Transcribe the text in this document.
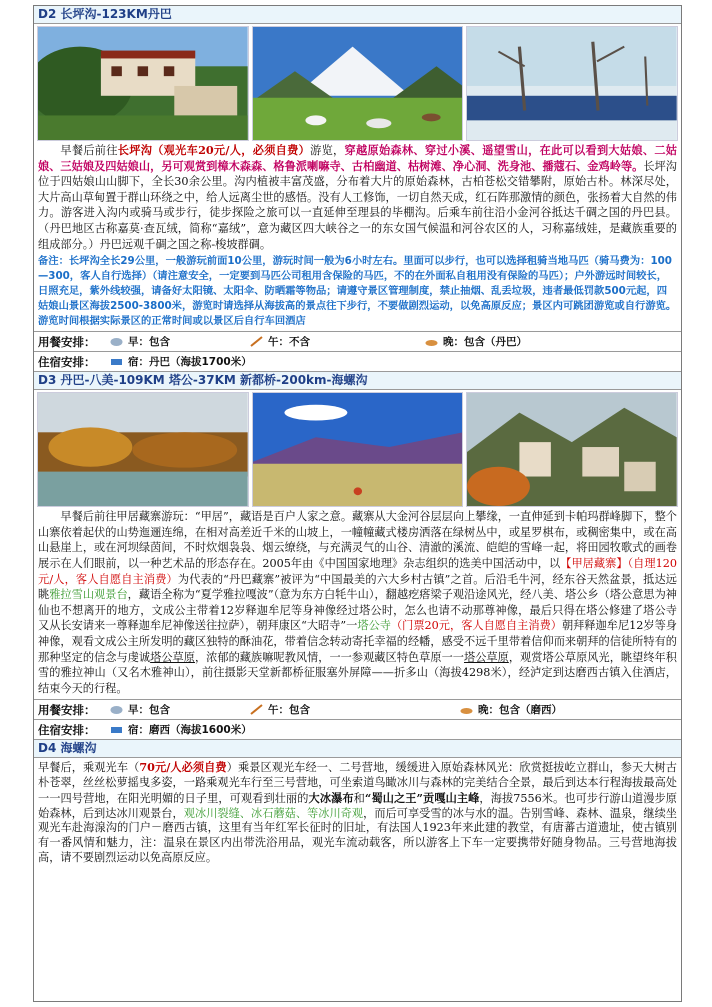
D2 长坪沟-123KM丹巴
早餐后前往长坪沟（观光车20元/人，必须自费）游览，穿越原始森林、穿过小溪、遥望雪山，在此可以看到大姑娘、二姑娘、三姑娘及四姑娘山，另可观赏到樟木森森、格鲁派喇嘛寺、古柏幽道、枯树滩、净心洞、洗身池、播蔻石、金鸡岭等。长坪沟位于四姑娘山山脚下，全长30余公里。沟内植被丰富茂盛，分布着大片的原始森林，古柏苍松交错攀附，原始古朴。林深尽处，大片高山草甸置于群山环绕之中，给人远离尘世的感悟。没有人工修饰，一切自然天成，红石阵那激情的颜色，张扬着大自然的伟力。游客进入沟内或骑马或步行，徒步探险之旅可以一直延伸至理县的毕棚沟。后乘车前往沿小金河谷抵达千碉之国的丹巴县。（丹巴地区古称嘉莫·查瓦绒，简称“嘉绒”，意为藏区四大峡谷之一的东女国气候温和河谷农区的人，习称嘉绒娃，是藏族重要的组成部分。）丹巴远观千碉之国之称-梭坡群碉。
备注：长坪沟全长29公里，一般游玩前面10公里，游玩时间一般为6小时左右。里面可以步行，也可以选择租骑当地马匹（骑马费为：100—300，客人自行选择）（请注意安全，一定要到马匹公司租用含保险的马匹，不的在外面私自租用没有保险的马匹）；户外游远时间较长，日照充足，紫外线较强，请备好太阳镜、太阳伞、防晒霜等物品；请遵守景区管理制度，禁止抽烟、乱丢垃圾，违者最低罚款500元起，四姑娘山景区海拔2500-3800米，游览时请选择从海拔高的景点往下步行，不要做剧烈运动，以免高原反应；景区内可跳团游览或自行游览。游览时间根据实际景区的正常时间或以景区后自行车回酒店
用餐安排：	早：包含	午：不含	晚：包含（丹巴）
住宿安排：	宿：丹巴（海拔1700米）
D3 丹巴-八美-109KM 塔公-37KM 新都桥-200km-海螺沟
早餐后前往甲居藏寨游玩：“甲居”，藏语是百户人家之意。藏寨从大金河谷层层向上攀缘，一直伸延到卡帕玛群峰脚下，整个山寨依着起伏的山势迤逦连绵，在相对高差近千米的山坡上，一幢幢藏式楼房洒落在绿树丛中，或星罗棋布，或稠密集中，或在高山悬崖上，或在河坝绿茵间，不时炊烟袅袅、烟云缭绕，与充满灵气的山谷、清澈的溪流、皑皑的雪峰一起，将田园牧歌式的画卷展示在人们眼前，以一种艺术品的形态存在。2005年由《中国国家地理》杂志组织的选美中国活动中，以【甲居藏寨】（自理120元/人，客人自愿自主消费）为代表的“丹巴藏寨”被评为“中国最美的六大乡村古镇”之首。后沿毛牛河，经东谷天然盆景，抵达远眺雅拉雪山观景台，藏语全称为“夏学雅拉嘎波”（意为东方白牦牛山），翻越疙瘩梁子观沿途风光，经八美、塔公乡（塔公意思为神仙也不想离开的地方，文成公主带着12岁释迦牟尼等身神像经过塔公时，怎么也请不动那尊神像，最后只得在塔公修建了塔公寺又从长安请来一尊释迦牟尼神像送往拉萨），朝拜康区“大昭寺”一塔公寺（门票20元，客人自愿自主消费）朝拜释迦牟尼12岁等身神像，观看文成公主所发明的藏区独特的酥油花，带着信念转动寄托幸福的经幡，感受不远千里带着信仰而来朝拜的信徒所特有的那种坚定的信念与虔诚塔公草原，浓郁的藏族嘛呢教风情，一一参观藏区特色草原一一塔公草原，观赏塔公草原风光，眺望终年积雪的雅拉神山（又名木雅神山），前往摄影天堂新都桥征服塞外屏障——折多山（海拔4298米），经泸定到达磨西古镇入住酒店，结束今天的行程。
用餐安排：	早：包含	午：包含	晚：包含（磨西）
住宿安排：	宿：磨西（海拔1600米）
D4 海螺沟
早餐后，乘观光车（70元/人必须自费）乘景区观光车经一、二号营地，缓缓进入原始森林风光：欣赏挺拔屹立群山，参天大树古朴苍翠，丝丝松萝摇曳多姿，一路乘观光车行至三号营地，可坐索道鸟瞰冰川与森林的完美结合全景，最后到达本行程海拔最高处一一四号营地，在阳光明媚的日子里，可观看到壮丽的大冰瀑布和“蜀山之王”贡嘎山主峰，海拔7556米。也可步行游山道漫步原始森林，后到达冰川观景台，观冰川裂缝、冰石蘑菇、等冰川奇观，而后可享受雪的冰与水的温。告别雪峰、森林、温泉，继续坐观光车赴海湶沟的门户－磨西古镇，这里有当年红军长征时的旧址，有法国人1923年来此建的教堂，有唐蕃古道遗址，使古镇别有一番风情和魅力，注：温泉在景区内出带洗浴用品，观光车流动载客，所以游客上下车一定要携带好随身物品。三号营地海拔高，请不要剧烈运动以免高原反应。
